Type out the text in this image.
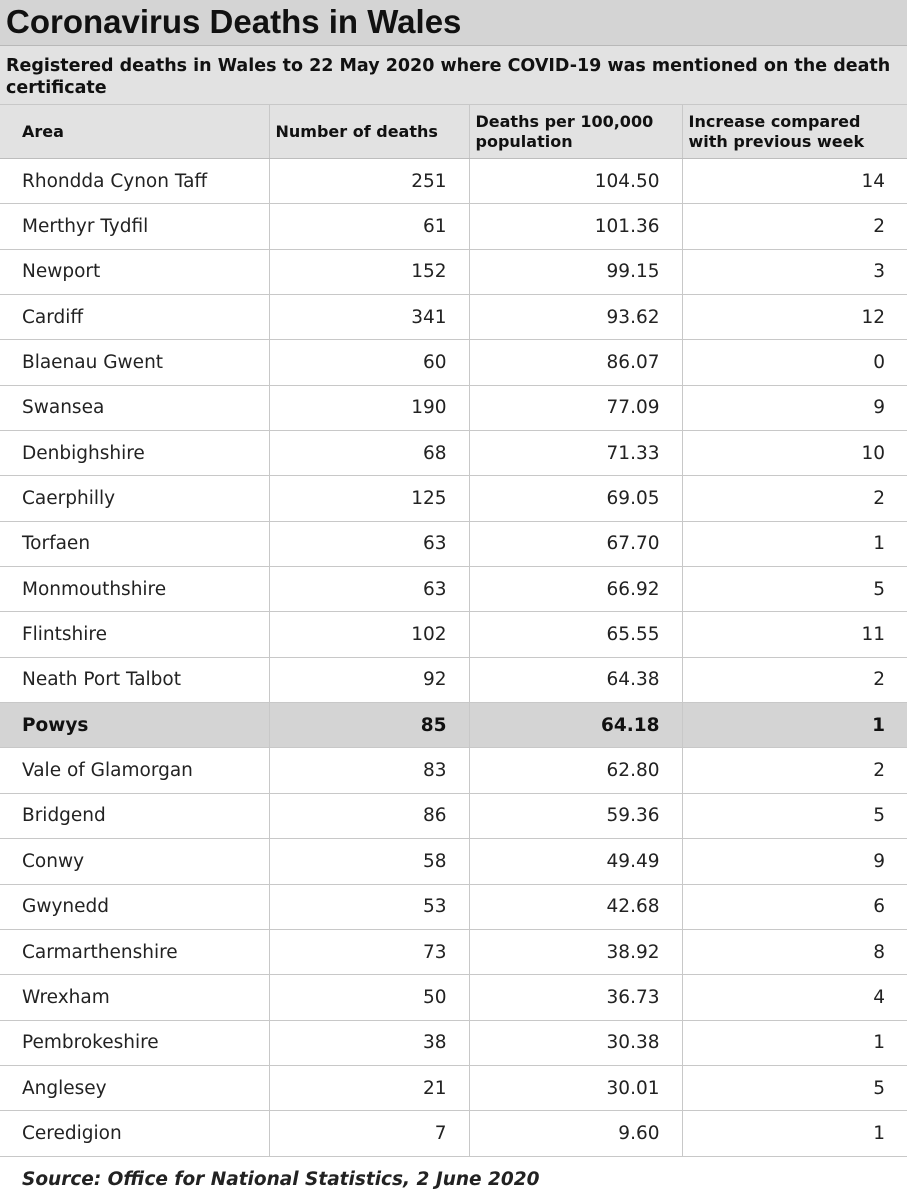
Coronavirus Deaths in Wales
Registered deaths in Wales to 22 May 2020 where COVID-19 was mentioned on the death certificate
Area	Number of deaths	Deaths per 100,000 population	Increase compared with previous week
Rhondda Cynon Taff	251	104.50	14
Merthyr Tydfil	61	101.36	2
Newport	152	99.15	3
Cardiff	341	93.62	12
Blaenau Gwent	60	86.07	0
Swansea	190	77.09	9
Denbighshire	68	71.33	10
Caerphilly	125	69.05	2
Torfaen	63	67.70	1
Monmouthshire	63	66.92	5
Flintshire	102	65.55	11
Neath Port Talbot	92	64.38	2
Powys	85	64.18	1
Vale of Glamorgan	83	62.80	2
Bridgend	86	59.36	5
Conwy	58	49.49	9
Gwynedd	53	42.68	6
Carmarthenshire	73	38.92	8
Wrexham	50	36.73	4
Pembrokeshire	38	30.38	1
Anglesey	21	30.01	5
Ceredigion	7	9.60	1
Source: Office for National Statistics, 2 June 2020
